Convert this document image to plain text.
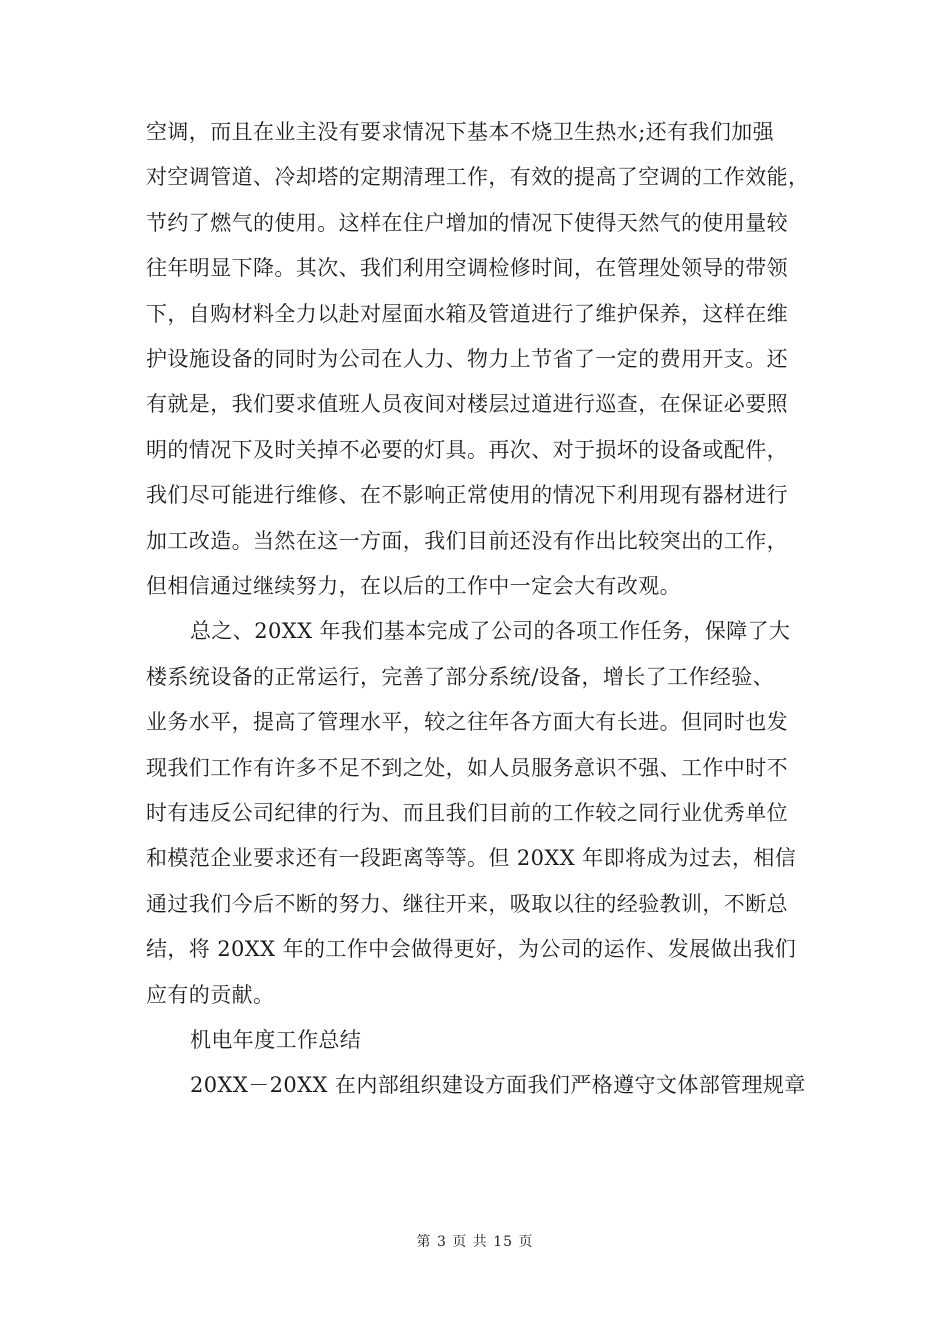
空调，而且在业主没有要求情况下基本不烧卫生热水;还有我们加强
对空调管道、冷却塔的定期清理工作，有效的提高了空调的工作效能，
节约了燃气的使用。这样在住户增加的情况下使得天然气的使用量较
往年明显下降。其次、我们利用空调检修时间，在管理处领导的带领
下，自购材料全力以赴对屋面水箱及管道进行了维护保养，这样在维
护设施设备的同时为公司在人力、物力上节省了一定的费用开支。还
有就是，我们要求值班人员夜间对楼层过道进行巡查，在保证必要照
明的情况下及时关掉不必要的灯具。再次、对于损坏的设备或配件，
我们尽可能进行维修、在不影响正常使用的情况下利用现有器材进行
加工改造。当然在这一方面，我们目前还没有作出比较突出的工作，
但相信通过继续努力，在以后的工作中一定会大有改观。
总之、20XX 年我们基本完成了公司的各项工作任务，保障了大
楼系统设备的正常运行，完善了部分系统/设备，增长了工作经验、
业务水平，提高了管理水平，较之往年各方面大有长进。但同时也发
现我们工作有许多不足不到之处，如人员服务意识不强、工作中时不
时有违反公司纪律的行为、而且我们目前的工作较之同行业优秀单位
和模范企业要求还有一段距离等等。但 20XX 年即将成为过去，相信
通过我们今后不断的努力、继往开来，吸取以往的经验教训，不断总
结，将 20XX 年的工作中会做得更好，为公司的运作、发展做出我们
应有的贡献。
机电年度工作总结
20XX－20XX 在内部组织建设方面我们严格遵守文体部管理规章
第 3 页 共 15 页
